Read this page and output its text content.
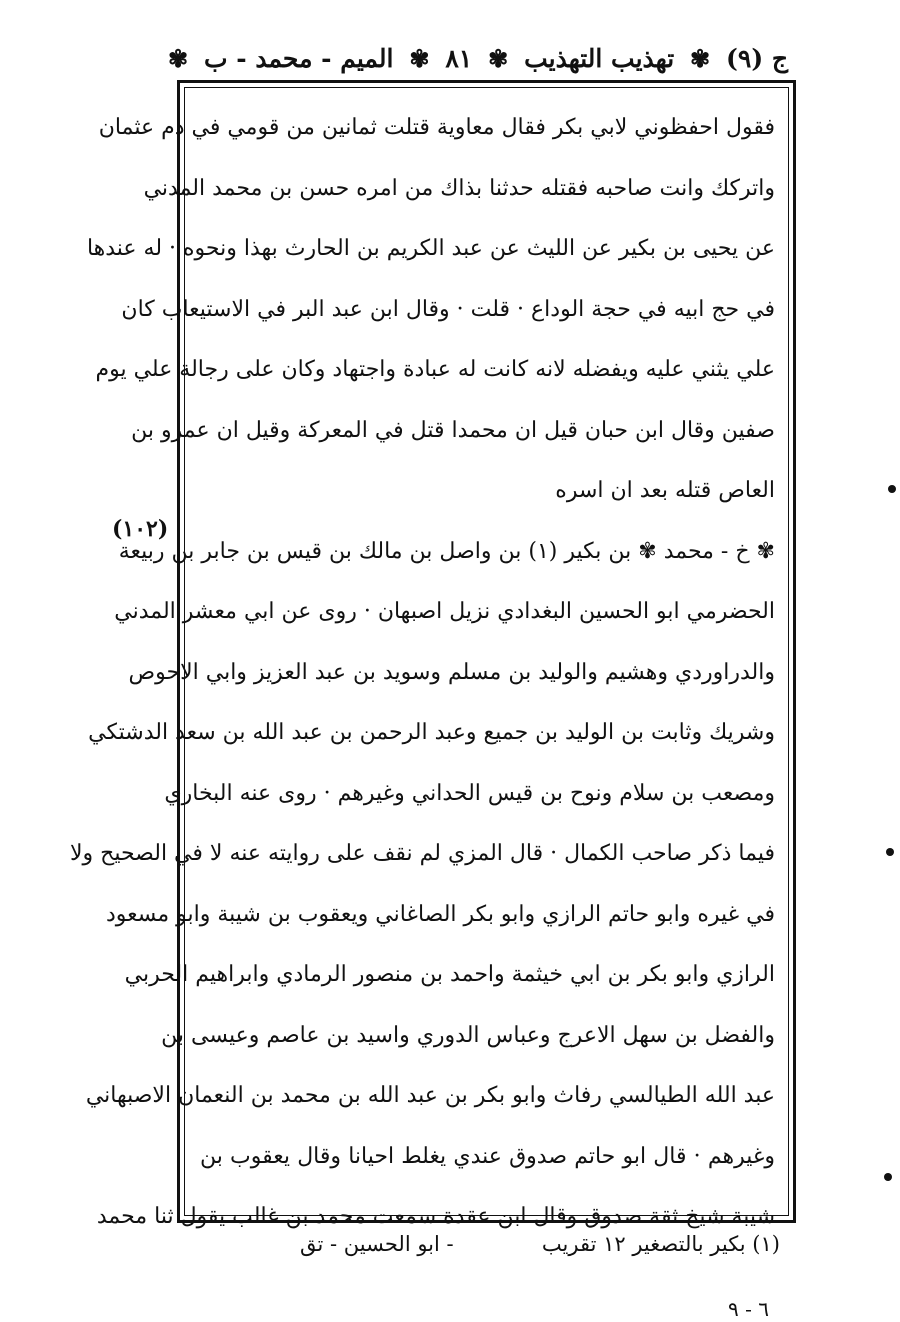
ج (٩)
✾
تهذيب التهذيب
✾
٨١
✾
الميم - محمد - ب
✾
فقول احفظوني لابي بكر فقال معاوية قتلت ثمانين من قومي في دم عثمان
واتركك وانت صاحبه فقتله حدثنا بذاك من امره حسن بن محمد المدني
عن يحيى بن بكير عن الليث عن عبد الكريم بن الحارث بهذا ونحوه · له عندها
في حج ابيه في حجة الوداع · قلت · وقال ابن عبد البر في الاستيعاب كان
علي يثني عليه ويفضله لانه كانت له عبادة واجتهاد وكان على رجالة علي يوم
صفين وقال ابن حبان قيل ان محمدا قتل في المعركة وقيل ان عمرو بن
العاص قتله بعد ان اسره
✾ خ - محمد ✾ بن بكير (١) بن واصل بن مالك بن قيس بن جابر بن ربيعة
الحضرمي ابو الحسين البغدادي نزيل اصبهان · روى عن ابي معشر المدني
والدراوردي وهشيم والوليد بن مسلم وسويد بن عبد العزيز وابي الاحوص
وشريك وثابت بن الوليد بن جميع وعبد الرحمن بن عبد الله بن سعد الدشتكي
ومصعب بن سلام ونوح بن قيس الحداني وغيرهم · روى عنه البخاري
فيما ذكر صاحب الكمال · قال المزي لم نقف على روايته عنه لا في الصحيح ولا
في غيره وابو حاتم الرازي وابو بكر الصاغاني ويعقوب بن شيبة وابو مسعود
الرازي وابو بكر بن ابي خيثمة واحمد بن منصور الرمادي وابراهيم الحربي
والفضل بن سهل الاعرج وعباس الدوري واسيد بن عاصم وعيسى بن
عبد الله الطيالسي رفاث وابو بكر بن عبد الله بن محمد بن النعمان الاصبهاني
وغيرهم · قال ابو حاتم صدوق عندي يغلط احيانا وقال يعقوب بن
شيبة شيخ ثقة صدوق وقال ابن عقدة سمعت محمد بن غالب يقول ثنا محمد
(١٠٢)
(١) بكير بالتصغير ١٢ تقريب
- ابو الحسين - تق
٦ - ٩
